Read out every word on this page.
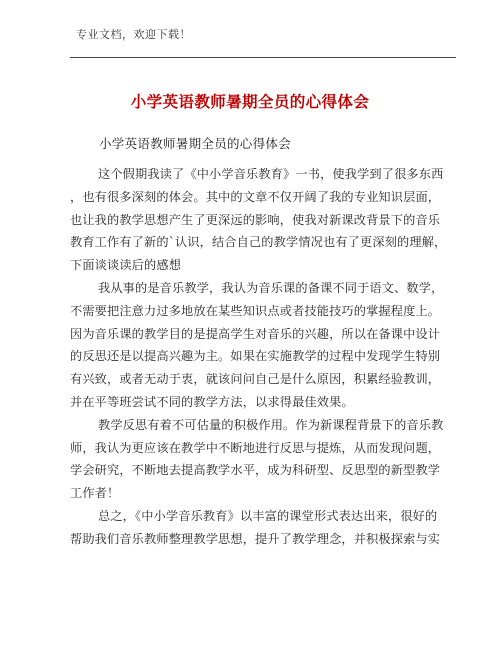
专业文档，欢迎下载！
小学英语教师暑期全员的心得体会
小学英语教师暑期全员的心得体会
这个假期我读了《中小学音乐教育》一书，使我学到了很多东西
，也有很多深刻的体会。其中的文章不仅开阔了我的专业知识层面，
也让我的教学思想产生了更深远的影响，使我对新课改背景下的音乐
教育工作有了新的`认识，结合自己的教学情况也有了更深刻的理解，
下面谈谈读后的感想
我从事的是音乐教学，我认为音乐课的备课不同于语文、数学，
不需要把注意力过多地放在某些知识点或者技能技巧的掌握程度上。
因为音乐课的教学目的是提高学生对音乐的兴趣，所以在备课中设计
的反思还是以提高兴趣为主。如果在实施教学的过程中发现学生特别
有兴致，或者无动于衷，就该问问自己是什么原因，积累经验教训，
并在平等班尝试不同的教学方法，以求得最佳效果。
教学反思有着不可估量的积极作用。作为新课程背景下的音乐教
师，我认为更应该在教学中不断地进行反思与提炼，从而发现问题，
学会研究，不断地去提高教学水平，成为科研型、反思型的新型教学
工作者！
总之，《中小学音乐教育》以丰富的课堂形式表达出来，很好的
帮助我们音乐教师整理教学思想，提升了教学理念，并积极探索与实
